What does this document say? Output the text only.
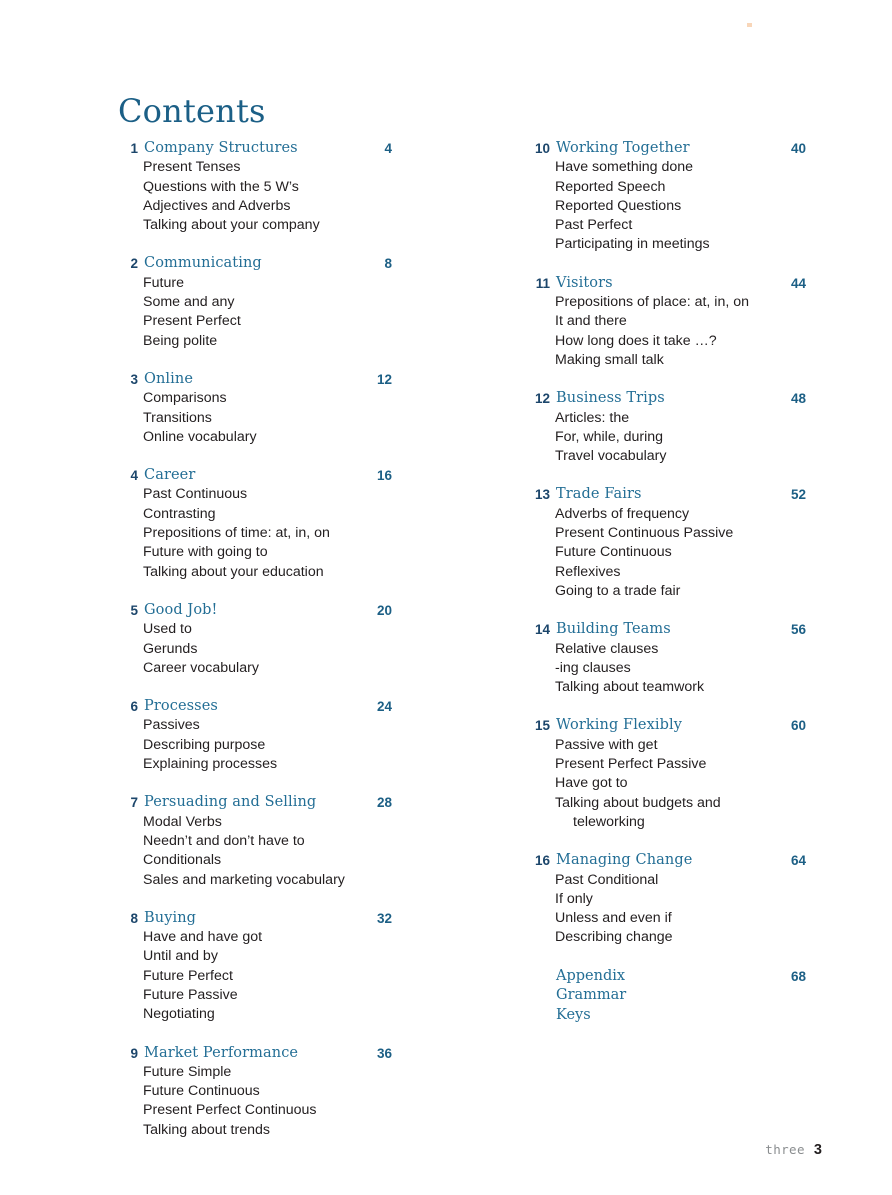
Contents
1 Company Structures	4
Present Tenses
Questions with the 5 W’s
Adjectives and Adverbs
Talking about your company
2 Communicating	8
Future
Some and any
Present Perfect
Being polite
3 Online	12
Comparisons
Transitions
Online vocabulary
4 Career	16
Past Continuous
Contrasting
Prepositions of time: at, in, on
Future with going to
Talking about your education
5 Good Job!	20
Used to
Gerunds
Career vocabulary
6 Processes	24
Passives
Describing purpose
Explaining processes
7 Persuading and Selling	28
Modal Verbs
Needn’t and don’t have to
Conditionals
Sales and marketing vocabulary
8 Buying	32
Have and have got
Until and by
Future Perfect
Future Passive
Negotiating
9 Market Performance	36
Future Simple
Future Continuous
Present Perfect Continuous
Talking about trends
10 Working Together	40
Have something done
Reported Speech
Reported Questions
Past Perfect
Participating in meetings
11 Visitors	44
Prepositions of place: at, in, on
It and there
How long does it take …?
Making small talk
12 Business Trips	48
Articles: the
For, while, during
Travel vocabulary
13 Trade Fairs	52
Adverbs of frequency
Present Continuous Passive
Future Continuous
Reflexives
Going to a trade fair
14 Building Teams	56
Relative clauses
-ing clauses
Talking about teamwork
15 Working Flexibly	60
Passive with get
Present Perfect Passive
Have got to
Talking about budgets and
teleworking
16 Managing Change	64
Past Conditional
If only
Unless and even if
Describing change
Appendix	68
Grammar
Keys
three 3
